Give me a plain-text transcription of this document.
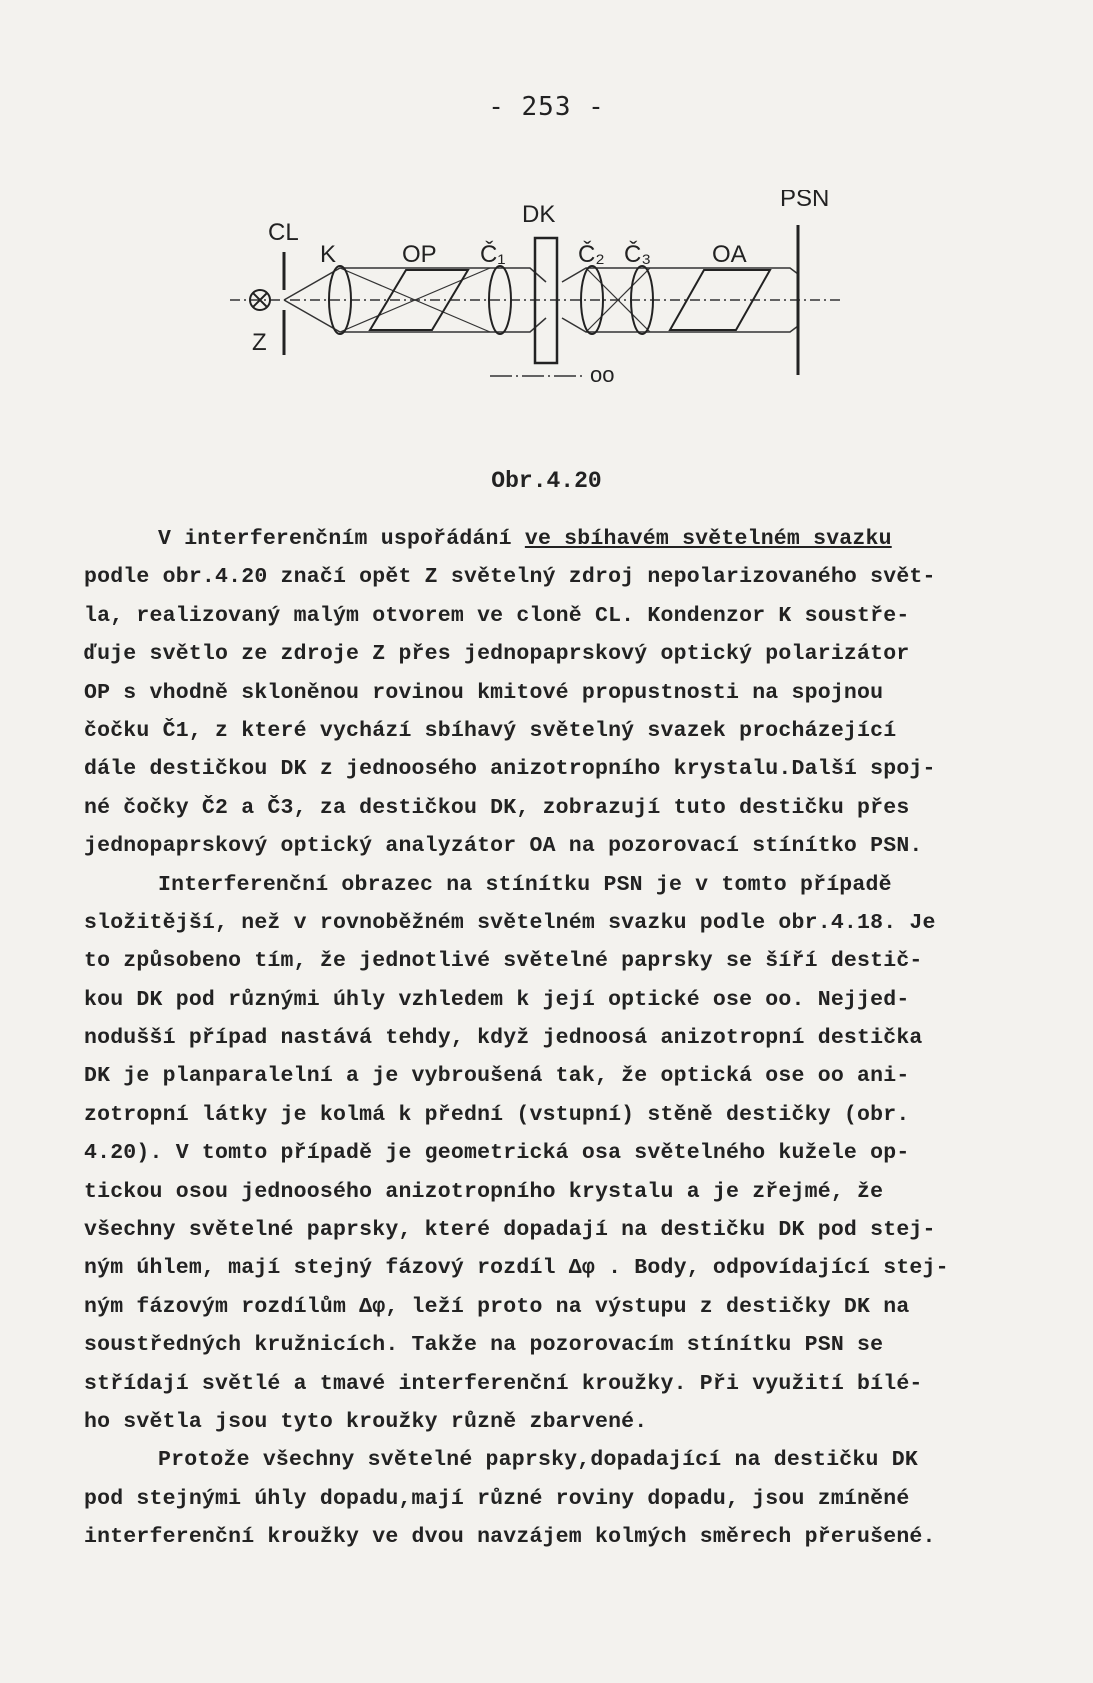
- 253 -
CL
K	OP Č₁
DK
Č₂ Č₃	OA
PSN
Z
oo
Obr.4.20
V interferenčním uspořádání ve sbíhavém světelném svazku
podle obr.4.20 značí opět Z světelný zdroj nepolarizovaného svět-
la, realizovaný malým otvorem ve cloně CL. Kondenzor K soustře-
ďuje světlo ze zdroje Z přes jednopaprskový optický polarizátor
OP s vhodně skloněnou rovinou kmitové propustnosti na spojnou
čočku Č1, z které vychází sbíhavý světelný svazek procházející
dále destičkou DK z jednoosého anizotropního krystalu.Další spoj-
né čočky Č2 a Č3, za destičkou DK, zobrazují tuto destičku přes
jednopaprskový optický analyzátor OA na pozorovací stínítko PSN.
Interferenční obrazec na stínítku PSN je v tomto případě
složitější, než v rovnoběžném světelném svazku podle obr.4.18. Je
to způsobeno tím, že jednotlivé světelné paprsky se šíří destič-
kou DK pod různými úhly vzhledem k její optické ose oo. Nejjed-
nodušší případ nastává tehdy, když jednoosá anizotropní destička
DK je planparalelní a je vybroušená tak, že optická ose oo ani-
zotropní látky je kolmá k přední (vstupní) stěně destičky (obr.
4.20). V tomto případě je geometrická osa světelného kužele op-
tickou osou jednoosého anizotropního krystalu a je zřejmé, že
všechny světelné paprsky, které dopadají na destičku DK pod stej-
ným úhlem, mají stejný fázový rozdíl Δφ . Body, odpovídající stej-
ným fázovým rozdílům Δφ, leží proto na výstupu z destičky DK na
soustředných kružnicích. Takže na pozorovacím stínítku PSN se
střídají světlé a tmavé interferenční kroužky. Při využití bílé-
ho světla jsou tyto kroužky různě zbarvené.
Protože všechny světelné paprsky,dopadající na destičku DK
pod stejnými úhly dopadu,mají různé roviny dopadu, jsou zmíněné
interferenční kroužky ve dvou navzájem kolmých směrech přerušené.
